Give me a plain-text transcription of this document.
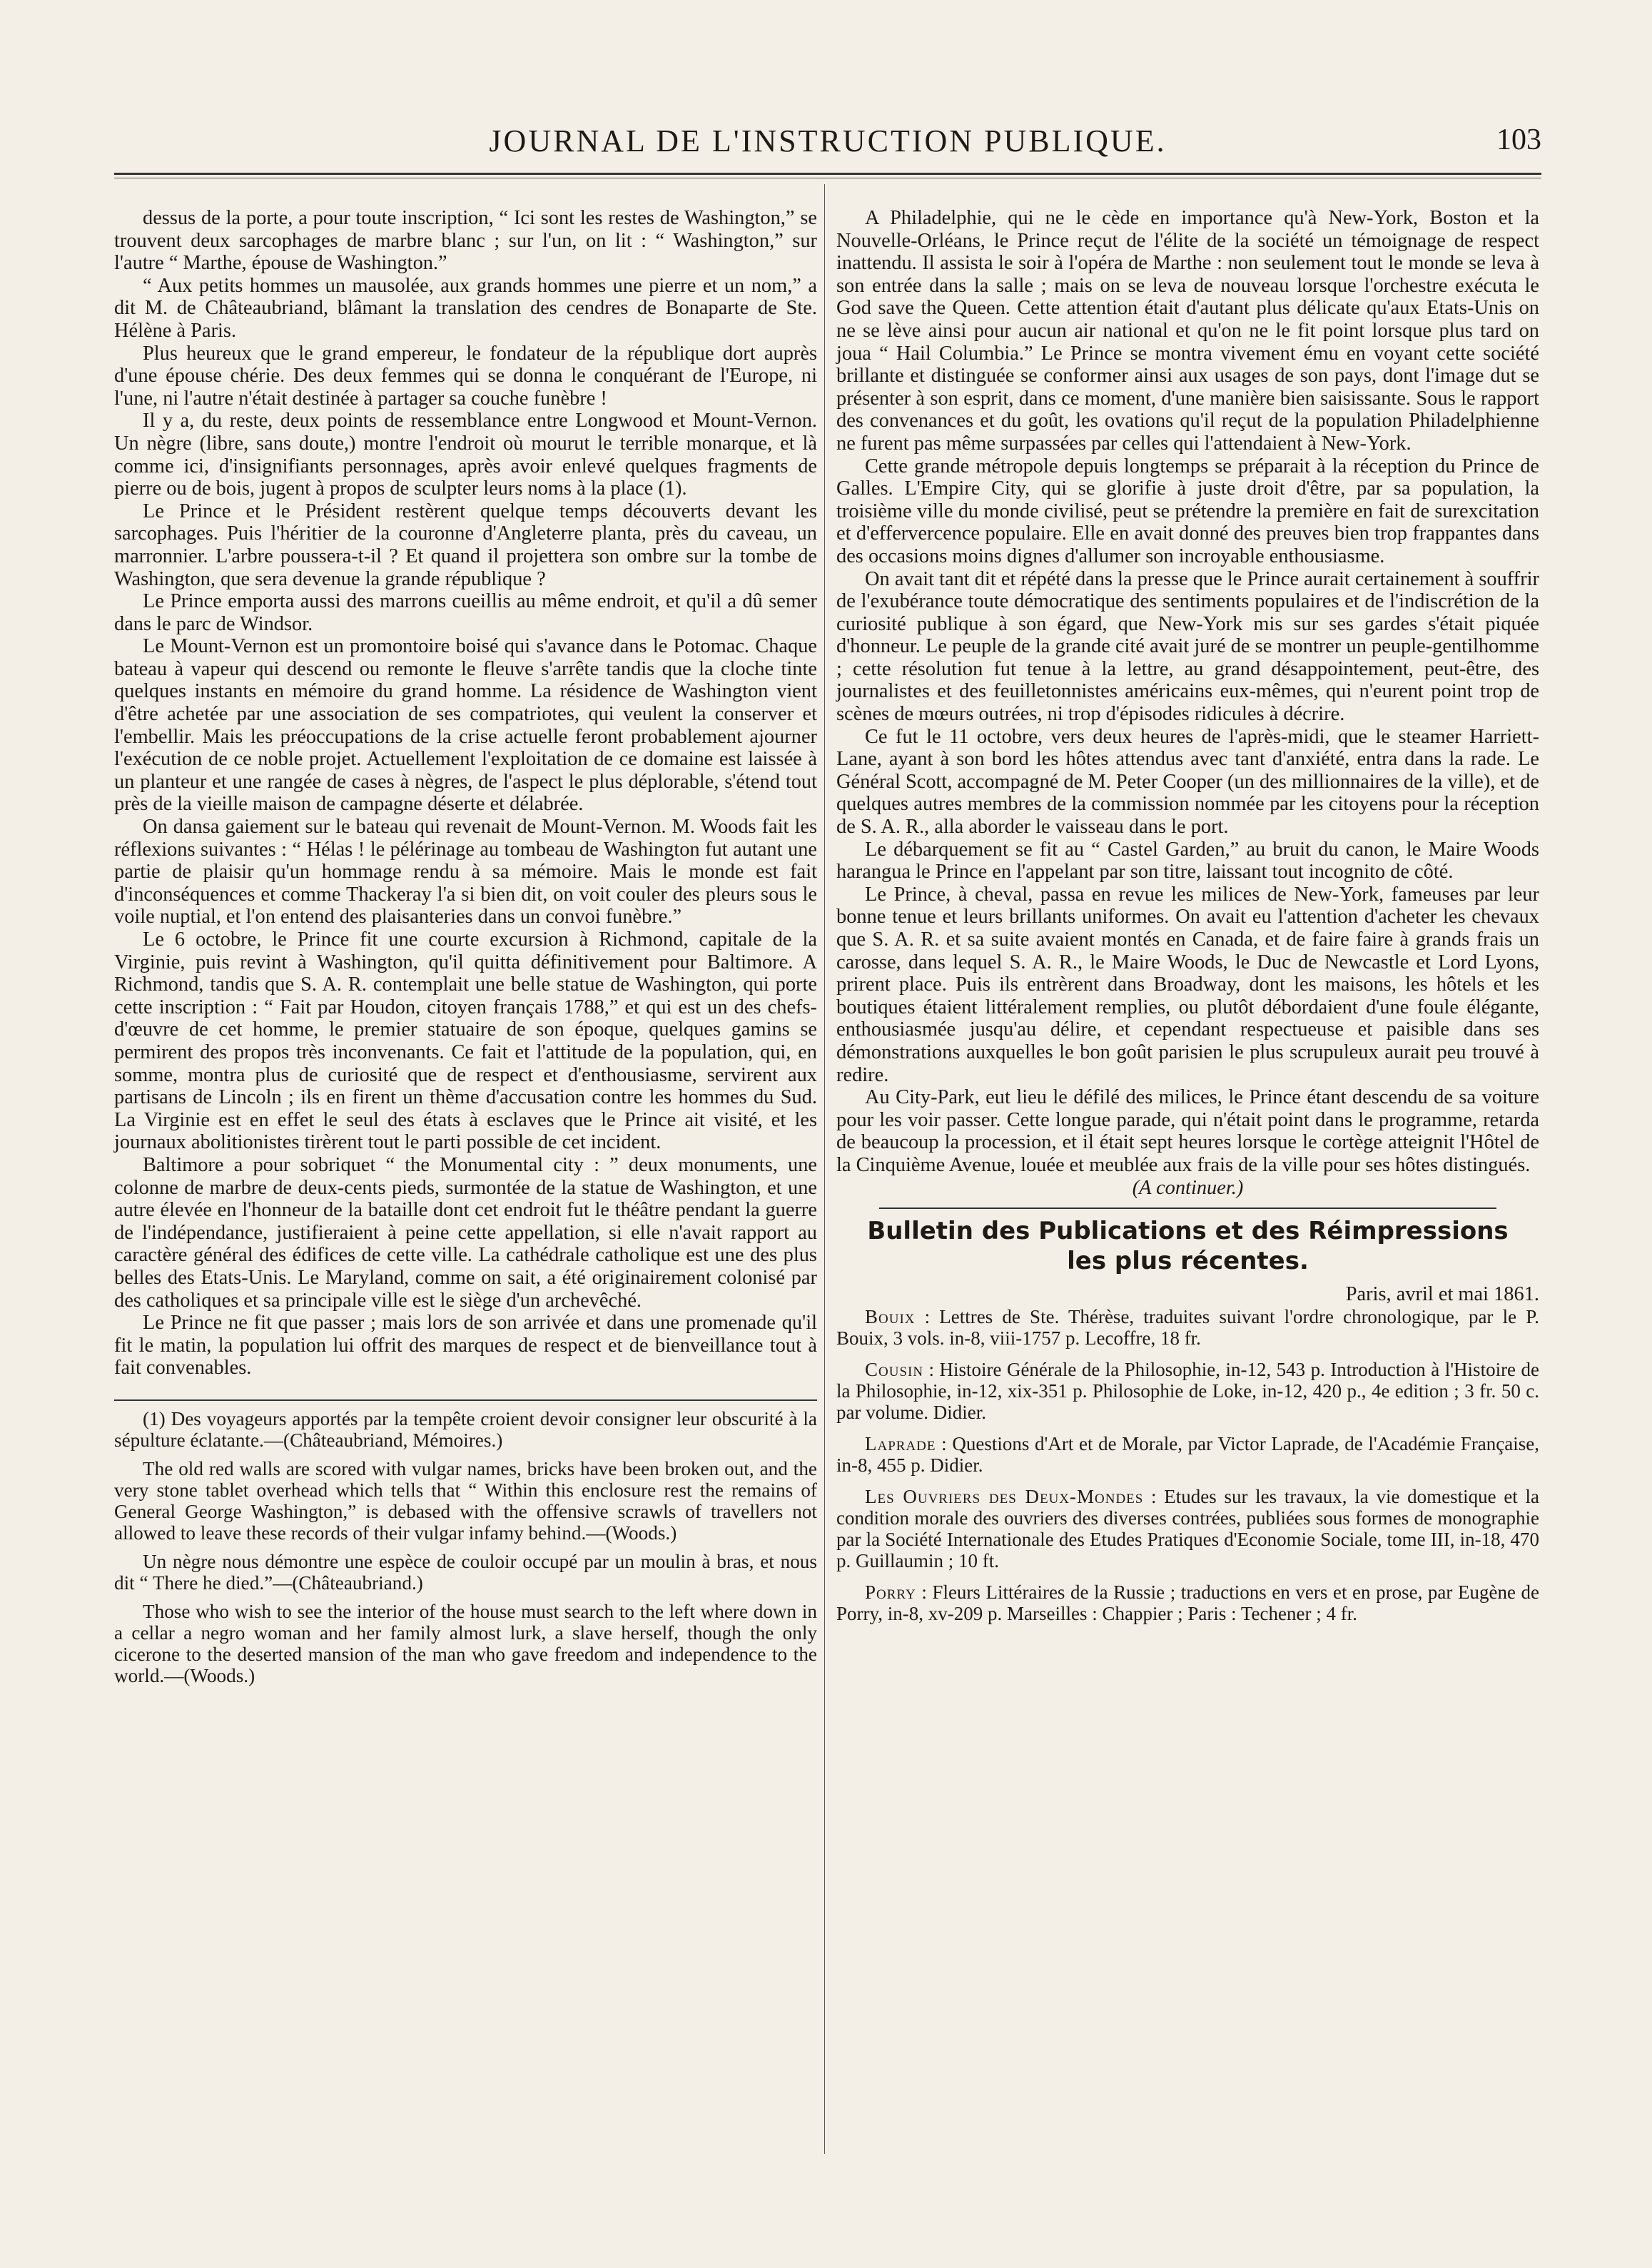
JOURNAL DE L'INSTRUCTION PUBLIQUE.	103

dessus de la porte, a pour toute inscription, “ Ici sont les restes de Washington,” se trouvent deux sarcophages de marbre blanc ; sur l'un, on lit : “ Washington,” sur l'autre “ Marthe, épouse de Washington.”

“ Aux petits hommes un mausolée, aux grands hommes une pierre et un nom,” a dit M. de Châteaubriand, blâmant la translation des cendres de Bonaparte de Ste. Hélène à Paris.

Plus heureux que le grand empereur, le fondateur de la république dort auprès d'une épouse chérie. Des deux femmes qui se donna le conquérant de l'Europe, ni l'une, ni l'autre n'était destinée à partager sa couche funèbre !

Il y a, du reste, deux points de ressemblance entre Longwood et Mount-Vernon. Un nègre (libre, sans doute,) montre l'endroit où mourut le terrible monarque, et là comme ici, d'insignifiants personnages, après avoir enlevé quelques fragments de pierre ou de bois, jugent à propos de sculpter leurs noms à la place (1).

Le Prince et le Président restèrent quelque temps découverts devant les sarcophages. Puis l'héritier de la couronne d'Angleterre planta, près du caveau, un marronnier. L'arbre poussera-t-il ? Et quand il projettera son ombre sur la tombe de Washington, que sera devenue la grande république ?

Le Prince emporta aussi des marrons cueillis au même endroit, et qu'il a dû semer dans le parc de Windsor.

Le Mount-Vernon est un promontoire boisé qui s'avance dans le Potomac. Chaque bateau à vapeur qui descend ou remonte le fleuve s'arrête tandis que la cloche tinte quelques instants en mémoire du grand homme. La résidence de Washington vient d'être achetée par une association de ses compatriotes, qui veulent la conserver et l'embellir. Mais les préoccupations de la crise actuelle feront probablement ajourner l'exécution de ce noble projet. Actuellement l'exploitation de ce domaine est laissée à un planteur et une rangée de cases à nègres, de l'aspect le plus déplorable, s'étend tout près de la vieille maison de campagne déserte et délabrée.

On dansa gaiement sur le bateau qui revenait de Mount-Vernon. M. Woods fait les réflexions suivantes : “ Hélas ! le pélérinage au tombeau de Washington fut autant une partie de plaisir qu'un hommage rendu à sa mémoire. Mais le monde est fait d'inconséquences et comme Thackeray l'a si bien dit, on voit couler des pleurs sous le voile nuptial, et l'on entend des plaisanteries dans un convoi funèbre.”

Le 6 octobre, le Prince fit une courte excursion à Richmond, capitale de la Virginie, puis revint à Washington, qu'il quitta définitivement pour Baltimore. A Richmond, tandis que S. A. R. contemplait une belle statue de Washington, qui porte cette inscription : “ Fait par Houdon, citoyen français 1788,” et qui est un des chefs-d'œuvre de cet homme, le premier statuaire de son époque, quelques gamins se permirent des propos très inconvenants. Ce fait et l'attitude de la population, qui, en somme, montra plus de curiosité que de respect et d'enthousiasme, servirent aux partisans de Lincoln ; ils en firent un thème d'accusation contre les hommes du Sud. La Virginie est en effet le seul des états à esclaves que le Prince ait visité, et les journaux abolitionistes tirèrent tout le parti possible de cet incident.

Baltimore a pour sobriquet “ the Monumental city : ” deux monuments, une colonne de marbre de deux-cents pieds, surmontée de la statue de Washington, et une autre élevée en l'honneur de la bataille dont cet endroit fut le théâtre pendant la guerre de l'indépendance, justifieraient à peine cette appellation, si elle n'avait rapport au caractère général des édifices de cette ville. La cathédrale catholique est une des plus belles des Etats-Unis. Le Maryland, comme on sait, a été originairement colonisé par des catholiques et sa principale ville est le siège d'un archevêché.

Le Prince ne fit que passer ; mais lors de son arrivée et dans une promenade qu'il fit le matin, la population lui offrit des marques de respect et de bienveillance tout à fait convenables.

(1) Des voyageurs apportés par la tempête croient devoir consigner leur obscurité à la sépulture éclatante.—(Châteaubriand, Mémoires.)

The old red walls are scored with vulgar names, bricks have been broken out, and the very stone tablet overhead which tells that “ Within this enclosure rest the remains of General George Washington,” is debased with the offensive scrawls of travellers not allowed to leave these records of their vulgar infamy behind.—(Woods.)

Un nègre nous démontre une espèce de couloir occupé par un moulin à bras, et nous dit “ There he died.”—(Châteaubriand.)

Those who wish to see the interior of the house must search to the left where down in a cellar a negro woman and her family almost lurk, a slave herself, though the only cicerone to the deserted mansion of the man who gave freedom and independence to the world.—(Woods.)

A Philadelphie, qui ne le cède en importance qu'à New-York, Boston et la Nouvelle-Orléans, le Prince reçut de l'élite de la société un témoignage de respect inattendu. Il assista le soir à l'opéra de Marthe : non seulement tout le monde se leva à son entrée dans la salle ; mais on se leva de nouveau lorsque l'orchestre exécuta le God save the Queen. Cette attention était d'autant plus délicate qu'aux Etats-Unis on ne se lève ainsi pour aucun air national et qu'on ne le fit point lorsque plus tard on joua “ Hail Columbia.” Le Prince se montra vivement ému en voyant cette société brillante et distinguée se conformer ainsi aux usages de son pays, dont l'image dut se présenter à son esprit, dans ce moment, d'une manière bien saisissante. Sous le rapport des convenances et du goût, les ovations qu'il reçut de la population Philadelphienne ne furent pas même surpassées par celles qui l'attendaient à New-York.

Cette grande métropole depuis longtemps se préparait à la réception du Prince de Galles. L'Empire City, qui se glorifie à juste droit d'être, par sa population, la troisième ville du monde civilisé, peut se prétendre la première en fait de surexcitation et d'effervercence populaire. Elle en avait donné des preuves bien trop frappantes dans des occasions moins dignes d'allumer son incroyable enthousiasme.

On avait tant dit et répété dans la presse que le Prince aurait certainement à souffrir de l'exubérance toute démocratique des sentiments populaires et de l'indiscrétion de la curiosité publique à son égard, que New-York mis sur ses gardes s'était piquée d'honneur. Le peuple de la grande cité avait juré de se montrer un peuple-gentilhomme ; cette résolution fut tenue à la lettre, au grand désappointement, peut-être, des journalistes et des feuilletonnistes américains eux-mêmes, qui n'eurent point trop de scènes de mœurs outrées, ni trop d'épisodes ridicules à décrire.

Ce fut le 11 octobre, vers deux heures de l'après-midi, que le steamer Harriett-Lane, ayant à son bord les hôtes attendus avec tant d'anxiété, entra dans la rade. Le Général Scott, accompagné de M. Peter Cooper (un des millionnaires de la ville), et de quelques autres membres de la commission nommée par les citoyens pour la réception de S. A. R., alla aborder le vaisseau dans le port.

Le débarquement se fit au “ Castel Garden,” au bruit du canon, le Maire Woods harangua le Prince en l'appelant par son titre, laissant tout incognito de côté.

Le Prince, à cheval, passa en revue les milices de New-York, fameuses par leur bonne tenue et leurs brillants uniformes. On avait eu l'attention d'acheter les chevaux que S. A. R. et sa suite avaient montés en Canada, et de faire faire à grands frais un carosse, dans lequel S. A. R., le Maire Woods, le Duc de Newcastle et Lord Lyons, prirent place. Puis ils entrèrent dans Broadway, dont les maisons, les hôtels et les boutiques étaient littéralement remplies, ou plutôt débordaient d'une foule élégante, enthousiasmée jusqu'au délire, et cependant respectueuse et paisible dans ses démonstrations auxquelles le bon goût parisien le plus scrupuleux aurait peu trouvé à redire.

Au City-Park, eut lieu le défilé des milices, le Prince étant descendu de sa voiture pour les voir passer. Cette longue parade, qui n'était point dans le programme, retarda de beaucoup la procession, et il était sept heures lorsque le cortège atteignit l'Hôtel de la Cinquième Avenue, louée et meublée aux frais de la ville pour ses hôtes distingués.

(A continuer.)

Bulletin des Publications et des Réimpressions
les plus récentes.

Paris, avril et mai 1861.

Bouix : Lettres de Ste. Thérèse, traduites suivant l'ordre chronologique, par le P. Bouix, 3 vols. in-8, viii-1757 p. Lecoffre, 18 fr.

Cousin : Histoire Générale de la Philosophie, in-12, 543 p. Introduction à l'Histoire de la Philosophie, in-12, xix-351 p. Philosophie de Loke, in-12, 420 p., 4e edition ; 3 fr. 50 c. par volume. Didier.

Laprade : Questions d'Art et de Morale, par Victor Laprade, de l'Académie Française, in-8, 455 p. Didier.

Les Ouvriers des Deux-Mondes : Etudes sur les travaux, la vie domestique et la condition morale des ouvriers des diverses contrées, publiées sous formes de monographie par la Société Internationale des Etudes Pratiques d'Economie Sociale, tome III, in-18, 470 p. Guillaumin ; 10 ft.

Porry : Fleurs Littéraires de la Russie ; traductions en vers et en prose, par Eugène de Porry, in-8, xv-209 p. Marseilles : Chappier ; Paris : Techener ; 4 fr.
